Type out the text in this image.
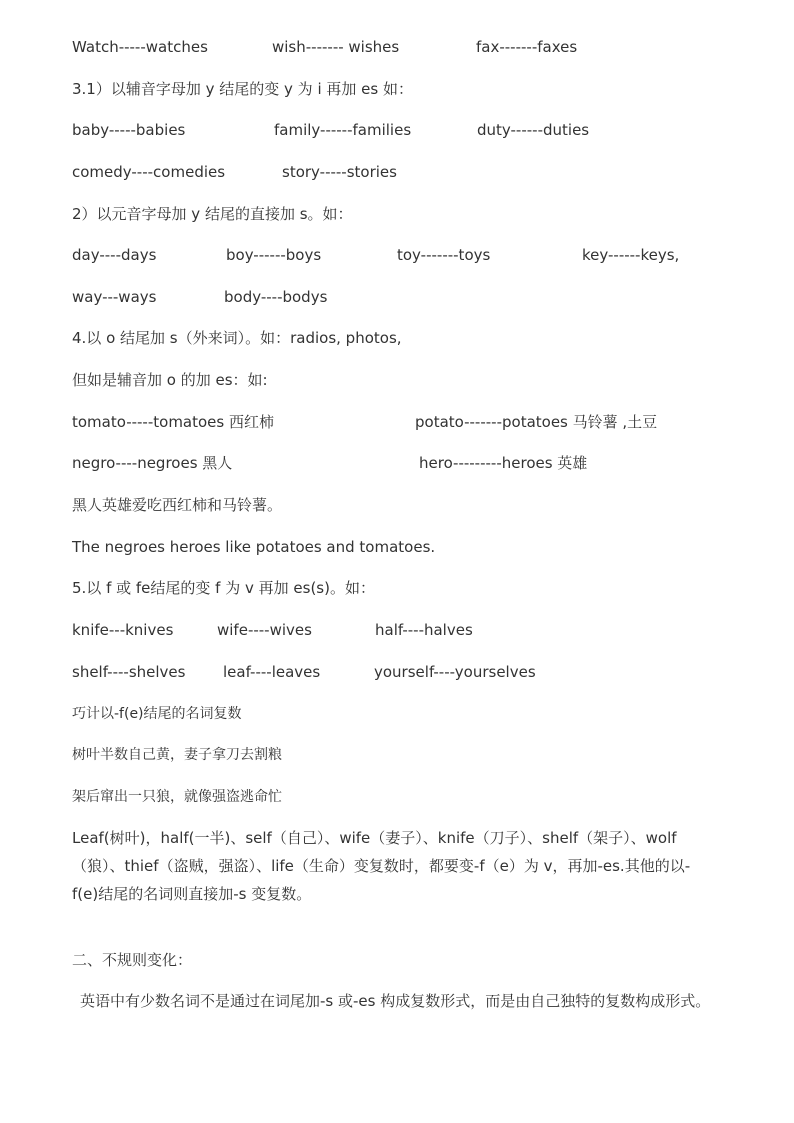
Watch-----watches	wish------- wishes	fax-------faxes
3.1）以辅音字母加 y 结尾的变 y 为 i 再加 es 如：
baby-----babies	family------families	duty------duties
comedy----comedies	story-----stories
2）以元音字母加 y 结尾的直接加 s。如：
day----days	boy------boys	toy-------toys	key------keys,
way---ways	body----bodys
4.以 o 结尾加 s（外来词）。如：radios, photos,
但如是辅音加 o 的加 es：如:
tomato-----tomatoes 西红柿	potato-------potatoes 马铃薯 ,土豆
negro----negroes 黑人	hero---------heroes 英雄
黑人英雄爱吃西红柿和马铃薯。
The negroes heroes like potatoes and tomatoes.
5.以 f 或 fe结尾的变 f 为 v 再加 es(s)。如：
knife---knives	wife----wives	half----halves
shelf----shelves	leaf----leaves	yourself----yourselves
巧计以-f(e)结尾的名词复数
树叶半数自己黄，妻子拿刀去割粮
架后窜出一只狼，就像强盗逃命忙
Leaf(树叶)，half(一半)、self（自己）、wife（妻子）、knife（刀子）、shelf（架子）、wolf（狼）、thief（盗贼，强盗）、life（生命）变复数时，都要变-f（e）为 v，再加-es.其他的以-f(e)结尾的名词则直接加-s 变复数。
二、不规则变化：
英语中有少数名词不是通过在词尾加-s 或-es 构成复数形式，而是由自己独特的复数构成形式。
